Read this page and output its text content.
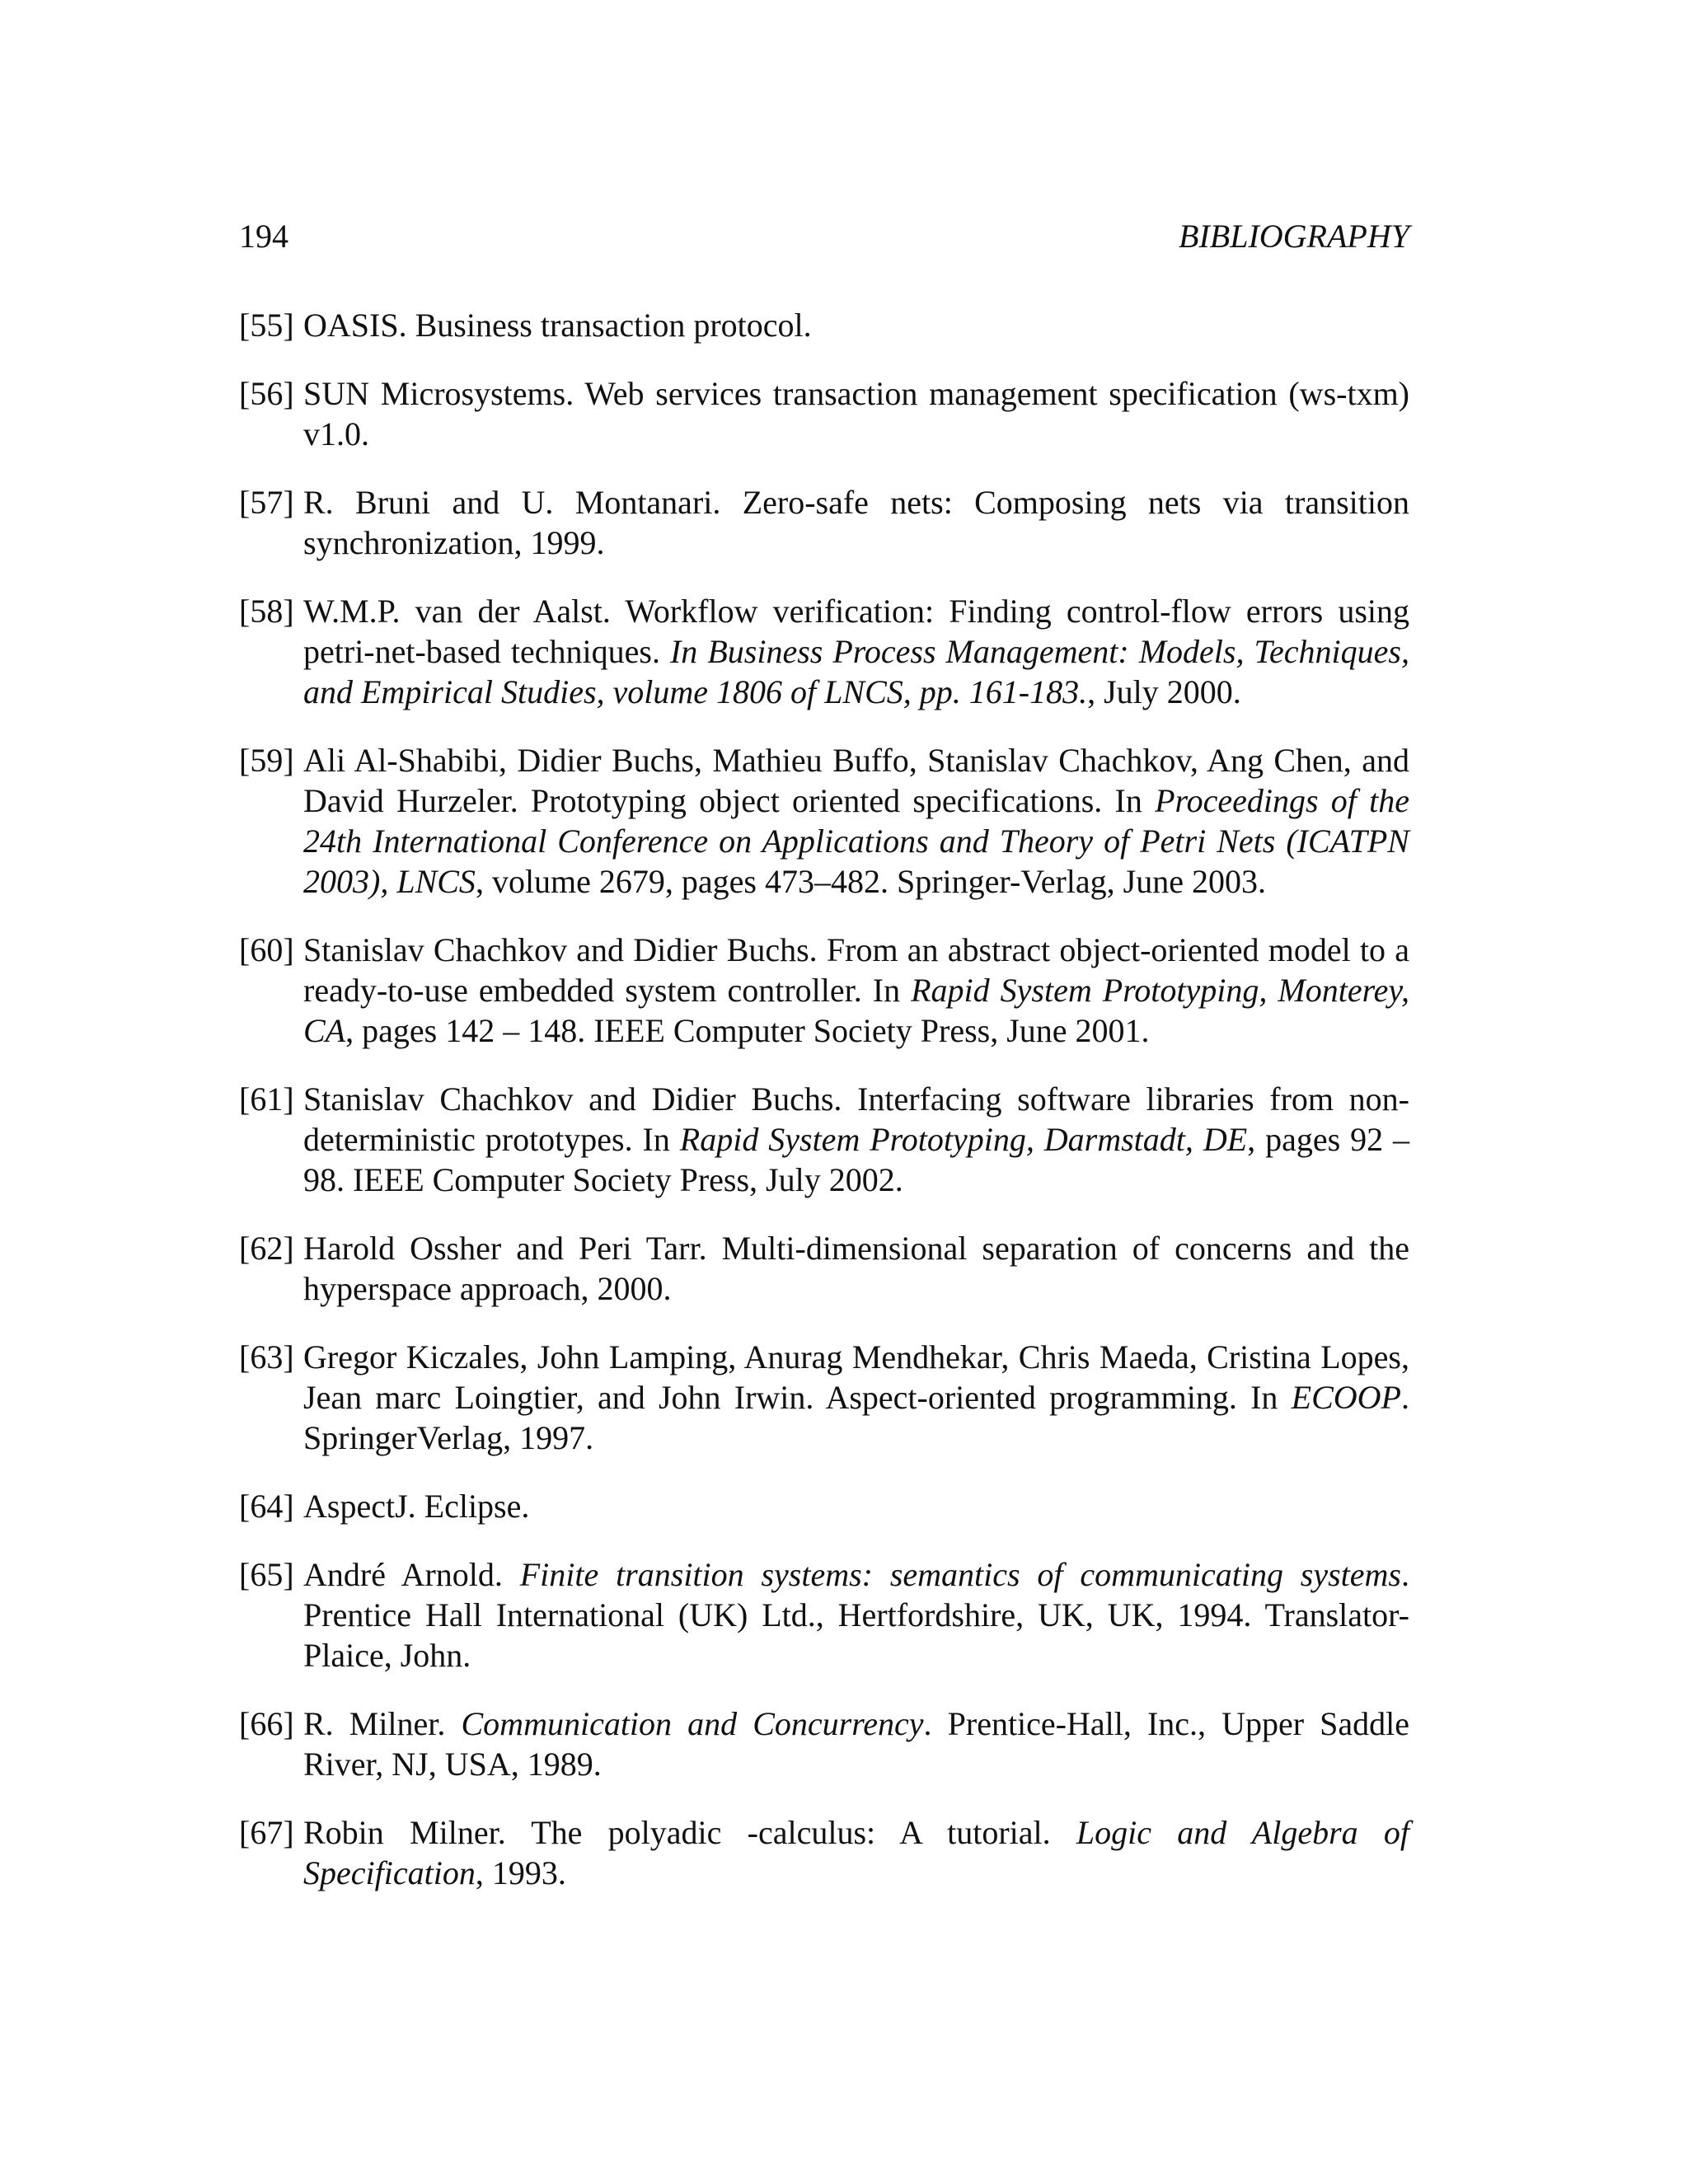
194	BIBLIOGRAPHY
[55] OASIS. Business transaction protocol.
[56] SUN Microsystems. Web services transaction management specification (ws-txm) v1.0.
[57] R. Bruni and U. Montanari. Zero-safe nets: Composing nets via transition synchronization, 1999.
[58] W.M.P. van der Aalst. Workflow verification: Finding control-flow errors using petri-net-based techniques. In Business Process Management: Models, Techniques, and Empirical Studies, volume 1806 of LNCS, pp. 161-183., July 2000.
[59] Ali Al-Shabibi, Didier Buchs, Mathieu Buffo, Stanislav Chachkov, Ang Chen, and David Hurzeler. Prototyping object oriented specifications. In Proceedings of the 24th International Conference on Applications and Theory of Petri Nets (ICATPN 2003), LNCS, volume 2679, pages 473–482. Springer-Verlag, June 2003.
[60] Stanislav Chachkov and Didier Buchs. From an abstract object-oriented model to a ready-to-use embedded system controller. In Rapid System Prototyping, Monterey, CA, pages 142 – 148. IEEE Computer Society Press, June 2001.
[61] Stanislav Chachkov and Didier Buchs. Interfacing software libraries from non-deterministic prototypes. In Rapid System Prototyping, Darmstadt, DE, pages 92 – 98. IEEE Computer Society Press, July 2002.
[62] Harold Ossher and Peri Tarr. Multi-dimensional separation of concerns and the hyperspace approach, 2000.
[63] Gregor Kiczales, John Lamping, Anurag Mendhekar, Chris Maeda, Cristina Lopes, Jean marc Loingtier, and John Irwin. Aspect-oriented programming. In ECOOP. SpringerVerlag, 1997.
[64] AspectJ. Eclipse.
[65] André Arnold. Finite transition systems: semantics of communicating systems. Prentice Hall International (UK) Ltd., Hertfordshire, UK, UK, 1994. Translator-Plaice, John.
[66] R. Milner. Communication and Concurrency. Prentice-Hall, Inc., Upper Saddle River, NJ, USA, 1989.
[67] Robin Milner. The polyadic -calculus: A tutorial. Logic and Algebra of Specification, 1993.
